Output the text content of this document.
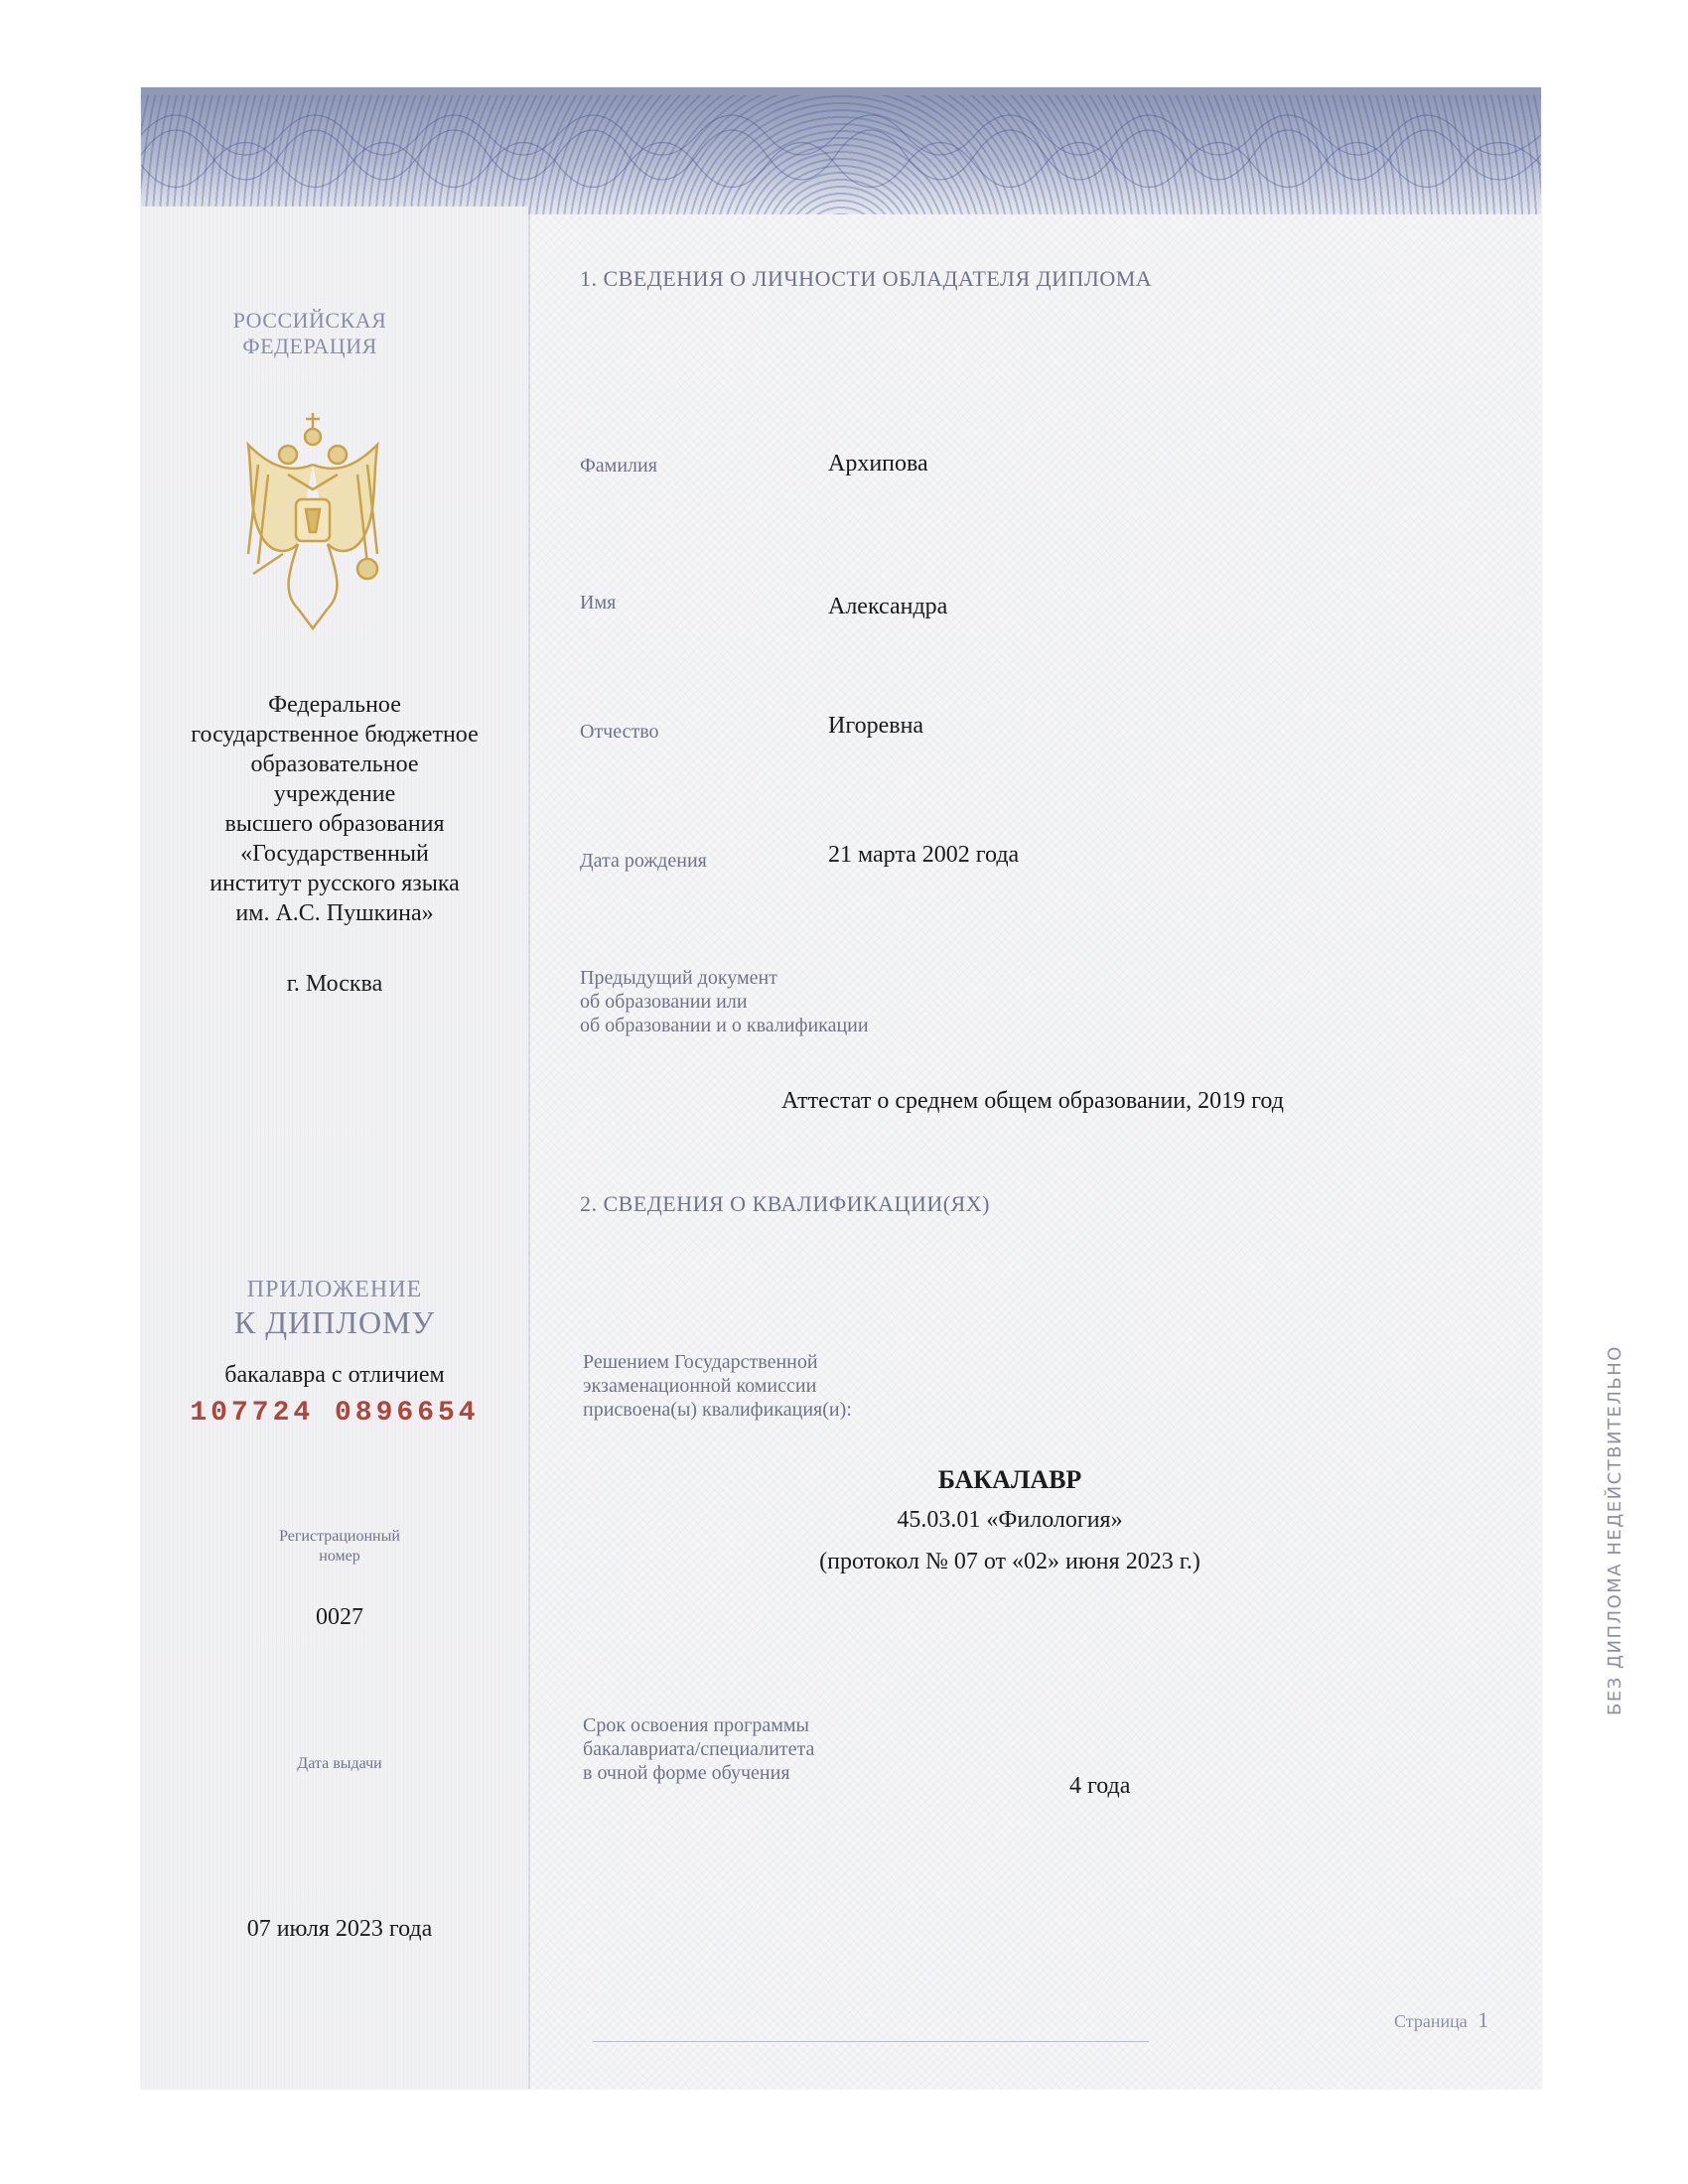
РОССИЙСКАЯ
ФЕДЕРАЦИЯ
Федеральное
государственное бюджетное
образовательное
учреждение
высшего образования
«Государственный
институт русского языка
им. А.С. Пушкина»
г. Москва
ПРИЛОЖЕНИЕ
К ДИПЛОМУ
бакалавра с отличием
107724 0896654
Регистрационный
номер
0027
Дата выдачи
07 июля 2023 года
1. СВЕДЕНИЯ О ЛИЧНОСТИ ОБЛАДАТЕЛЯ ДИПЛОМА
Фамилия	Архипова
Имя	Александра
Отчество	Игоревна
Дата рождения	21 марта 2002 года
Предыдущий документ
об образовании или
об образовании и о квалификации
Аттестат о среднем общем образовании, 2019 год
2. СВЕДЕНИЯ О КВАЛИФИКАЦИИ(ЯХ)
Решением Государственной
экзаменационной комиссии
присвоена(ы) квалификация(и):
БАКАЛАВР
45.03.01 «Филология»
(протокол № 07 от «02» июня 2023 г.)
Срок освоения программы
бакалавриата/специалитета
в очной форме обучения	4 года
БЕЗ ДИПЛОМА НЕДЕЙСТВИТЕЛЬНО
Страница 1
